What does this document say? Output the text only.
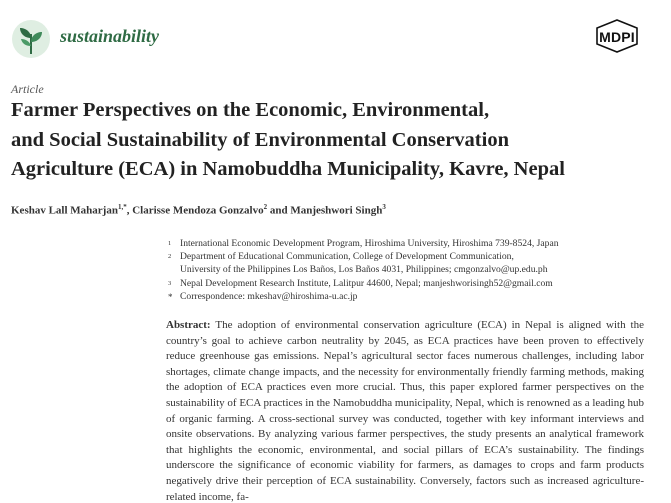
sustainability	MDPI
Article
Farmer Perspectives on the Economic, Environmental,
and Social Sustainability of Environmental Conservation
Agriculture (ECA) in Namobuddha Municipality, Kavre, Nepal
Keshav Lall Maharjan$^{1,*}$, Clarisse Mendoza Gonzalvo$^2$ and Manjeshwori Singh$^3$
1 International Economic Development Program, Hiroshima University, Hiroshima 739-8524, Japan
2 Department of Educational Communication, College of Development Communication,
University of the Philippines Los Baños, Los Baños 4031, Philippines; cmgonzalvo@up.edu.ph
3 Nepal Development Research Institute, Lalitpur 44600, Nepal; manjeshworisingh52@gmail.com
* Correspondence: mkeshav@hiroshima-u.ac.jp
Abstract: The adoption of environmental conservation agriculture (ECA) in Nepal is aligned with the country’s goal to achieve carbon neutrality by 2045, as ECA practices have been proven to effectively reduce greenhouse gas emissions. Nepal’s agricultural sector faces numerous challenges, including labor shortages, climate change impacts, and the necessity for environmentally friendly farming methods, making the adoption of ECA practices even more crucial. Thus, this paper explored farmer perspectives on the sustainability of ECA practices in the Namobuddha municipality, Nepal, which is renowned as a leading hub of organic farming. A cross-sectional survey was conducted, together with key informant interviews and onsite observations. By analyzing various farmer perspectives, the study presents an analytical framework that highlights the economic, environmental, and social pillars of ECA’s sustainability. The findings underscore the significance of economic viability for farmers, as damages to crops and farm products negatively drive their perception of ECA sustainability. Conversely, factors such as increased agriculture-related income, fa-
